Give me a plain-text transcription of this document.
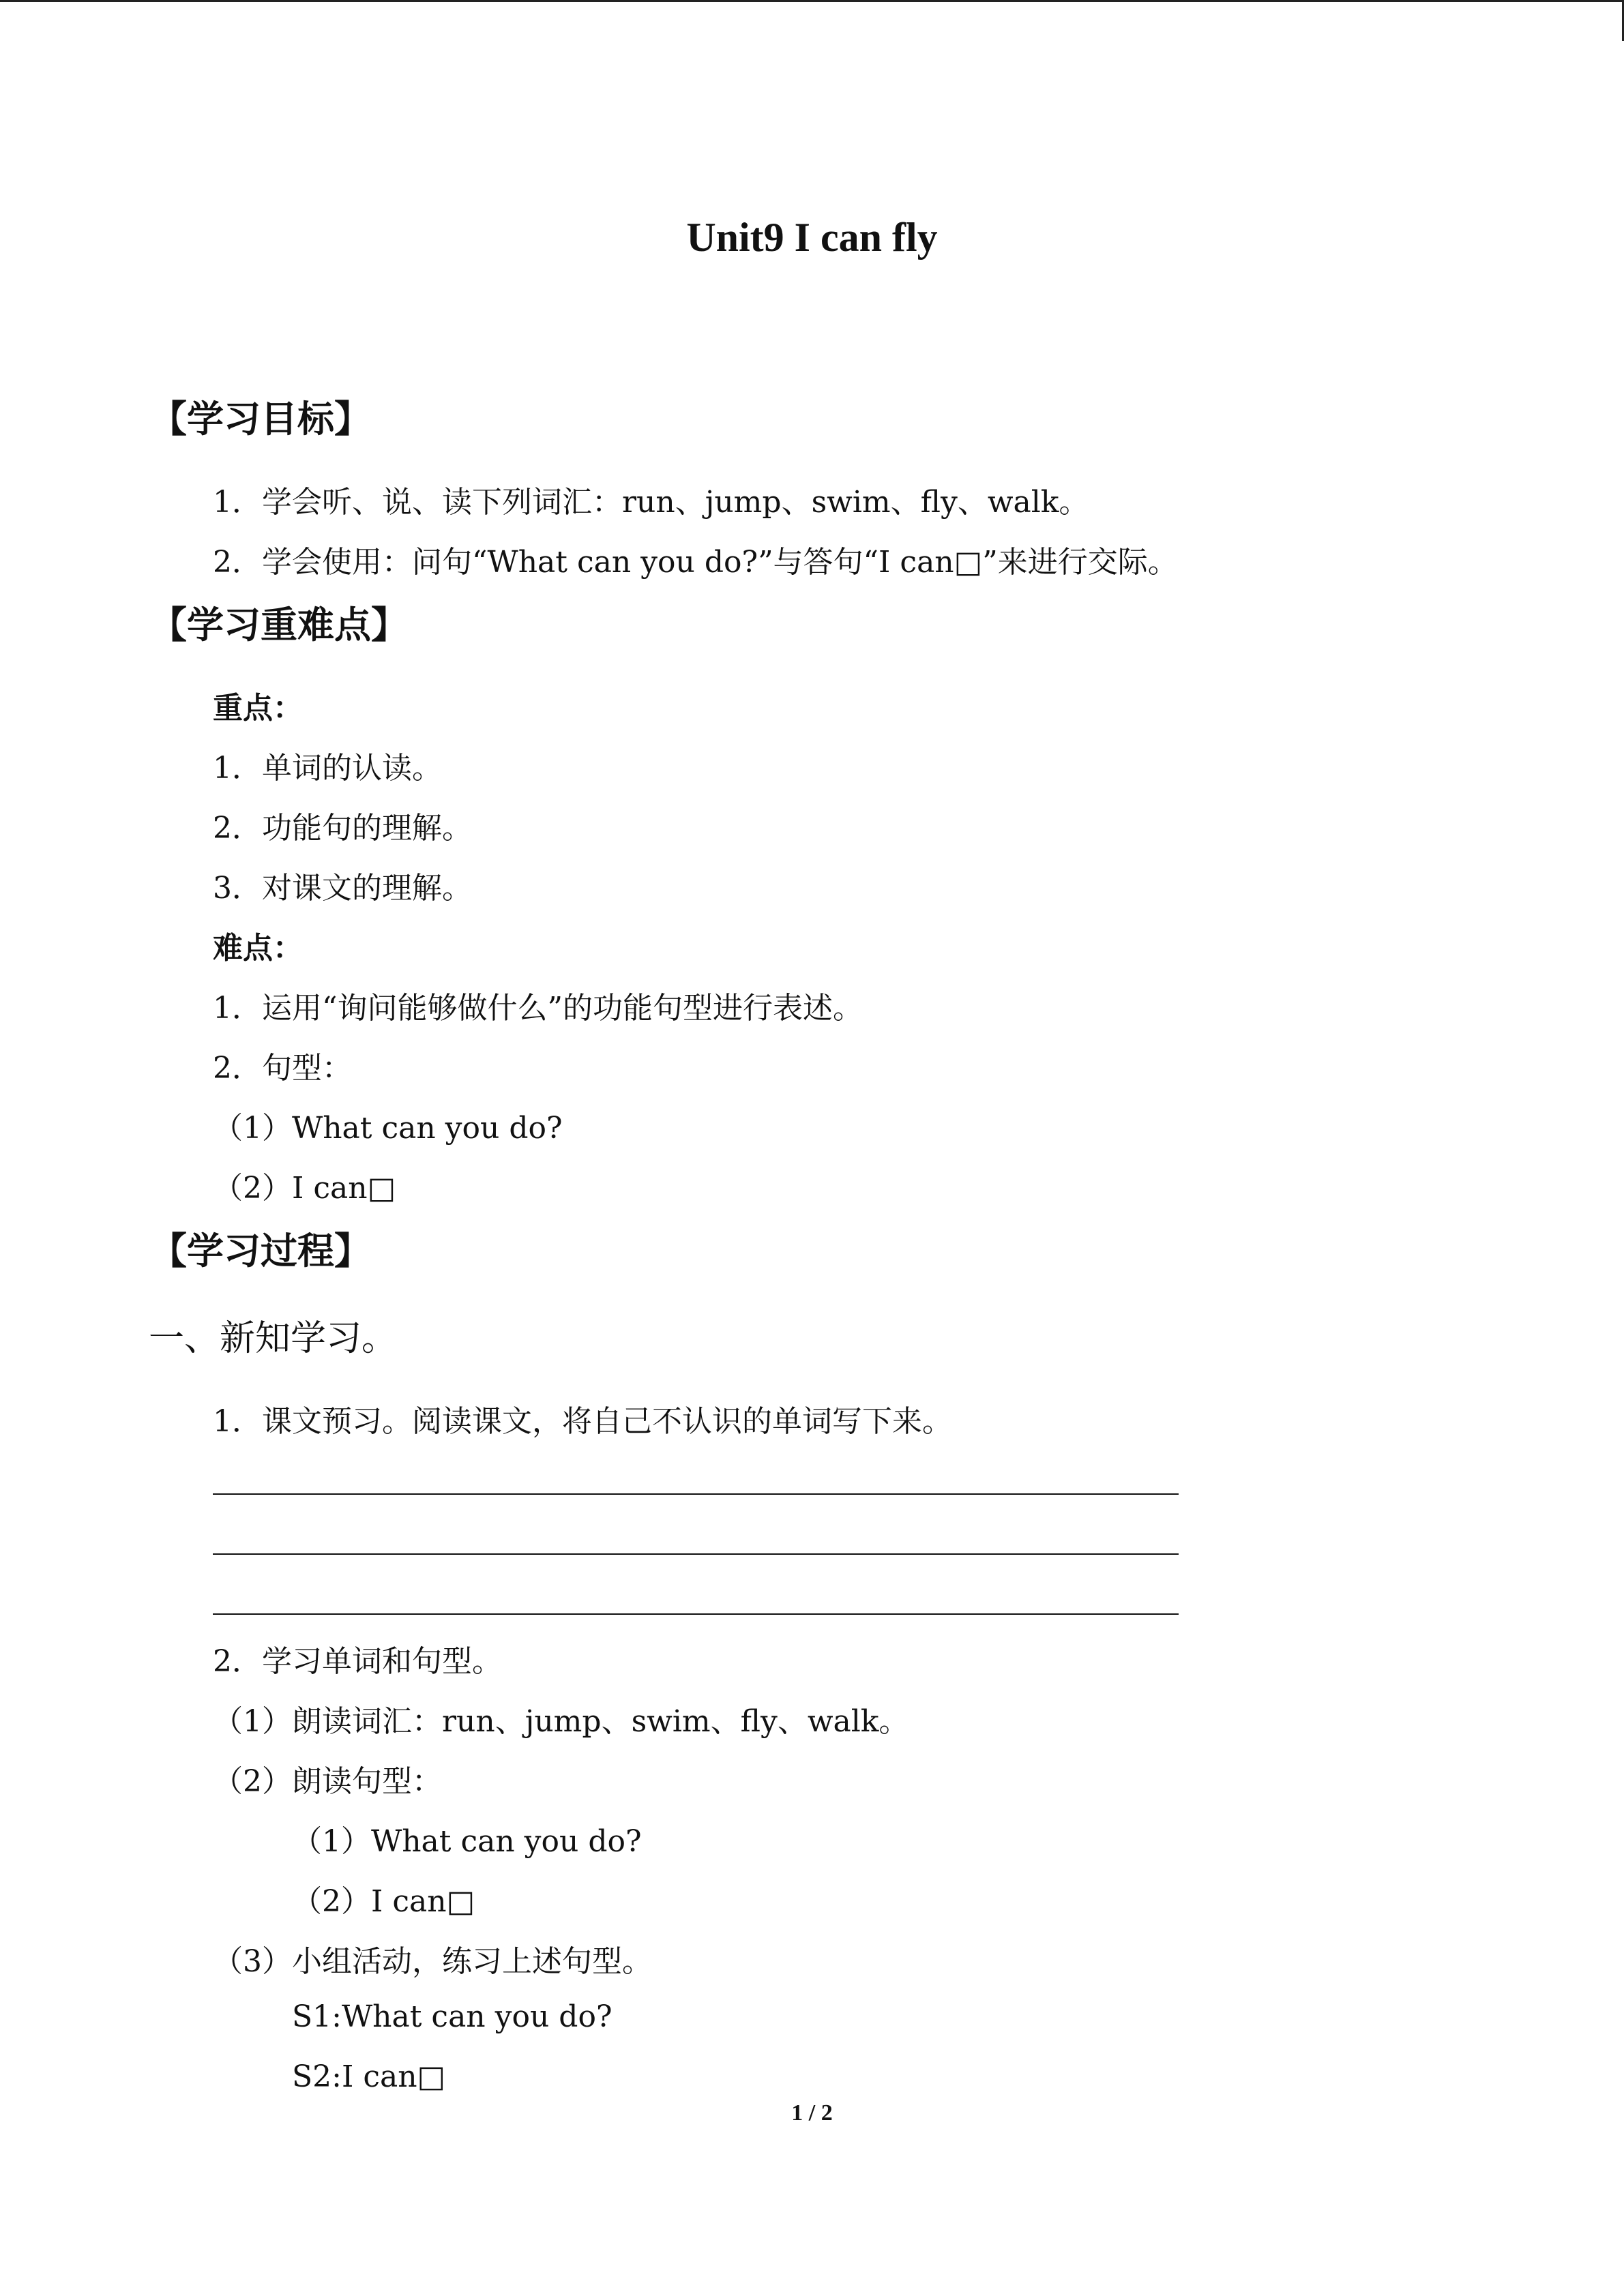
Unit9 I can fly
【学习目标】
1．学会听、说、读下列词汇：run、jump、swim、fly、walk。
2．学会使用：问句“What can you do?”与答句“I can□”来进行交际。
【学习重难点】
重点：
1．单词的认读。
2．功能句的理解。
3．对课文的理解。
难点：
1．运用“询问能够做什么”的功能句型进行表述。
2．句型：
（1）What can you do?
（2）I can□
【学习过程】
一、新知学习。
1．课文预习。阅读课文，将自己不认识的单词写下来。
2．学习单词和句型。
（1）朗读词汇：run、jump、swim、fly、walk。
（2）朗读句型：
（1）What can you do?
（2）I can□
（3）小组活动，练习上述句型。
S1:What can you do?
S2:I can□
1 / 2
